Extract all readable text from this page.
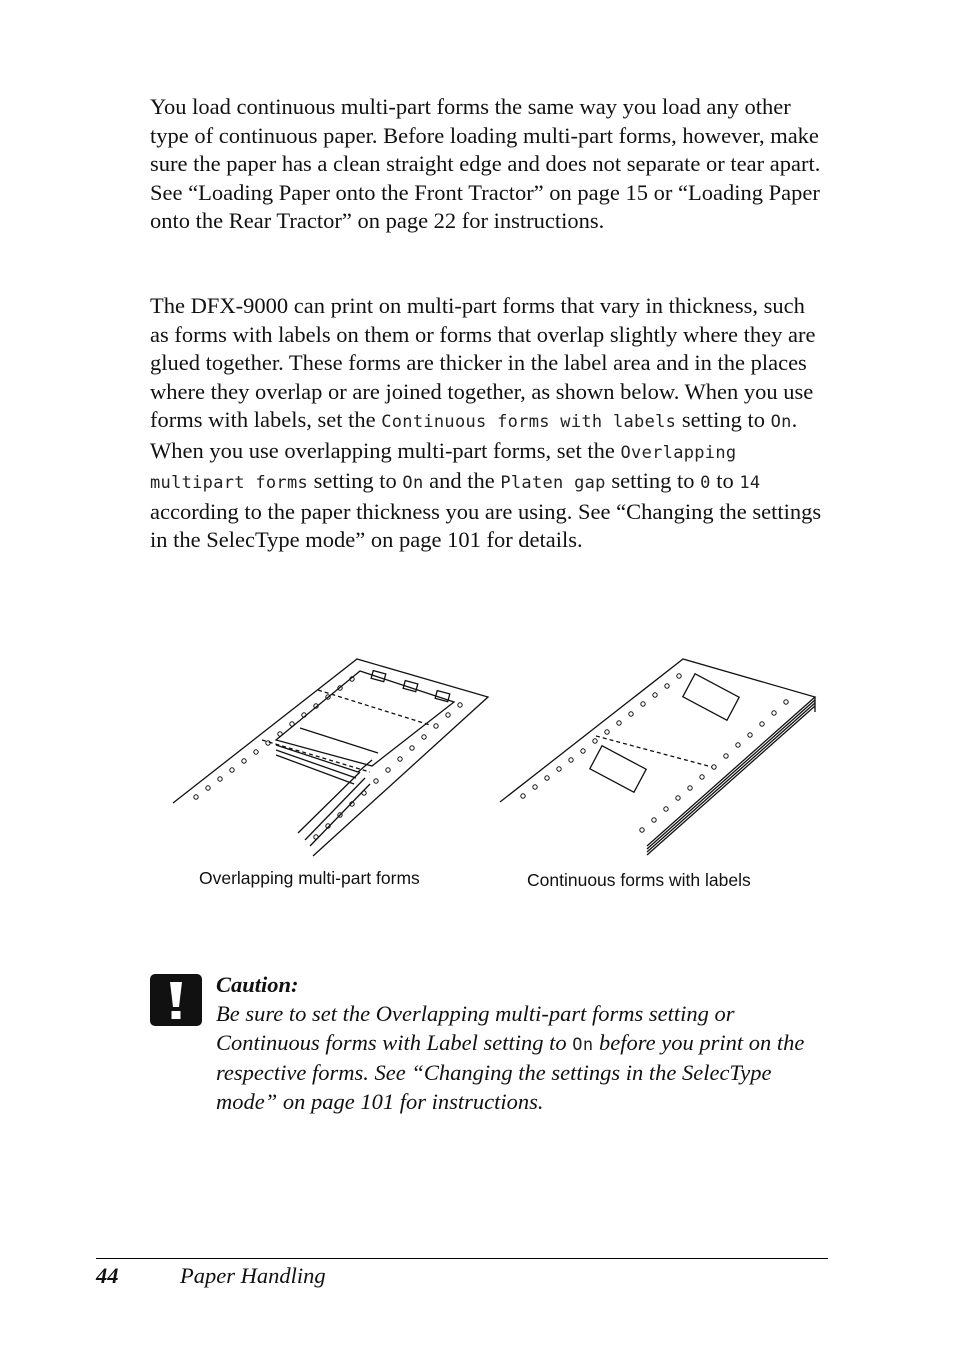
You load continuous multi-part forms the same way you load any other type of continuous paper. Before loading multi-part forms, however, make sure the paper has a clean straight edge and does not separate or tear apart. See “Loading Paper onto the Front Tractor” on page 15 or “Loading Paper onto the Rear Tractor” on page 22 for instructions.

The DFX-9000 can print on multi-part forms that vary in thickness, such as forms with labels on them or forms that overlap slightly where they are glued together. These forms are thicker in the label area and in the places where they overlap or are joined together, as shown below. When you use forms with labels, set the Continuous forms with labels setting to On. When you use overlapping multi-part forms, set the Overlapping multipart forms setting to On and the Platen gap setting to 0 to 14 according to the paper thickness you are using. See “Changing the settings in the SelecType mode” on page 101 for details.

Overlapping multi-part forms	Continuous forms with labels
Caution:

Be sure to set the Overlapping multi-part forms setting or Continuous forms with Label setting to On before you print on the respective forms. See “Changing the settings in the SelecType mode” on page 101 for instructions.

44	Paper Handling
